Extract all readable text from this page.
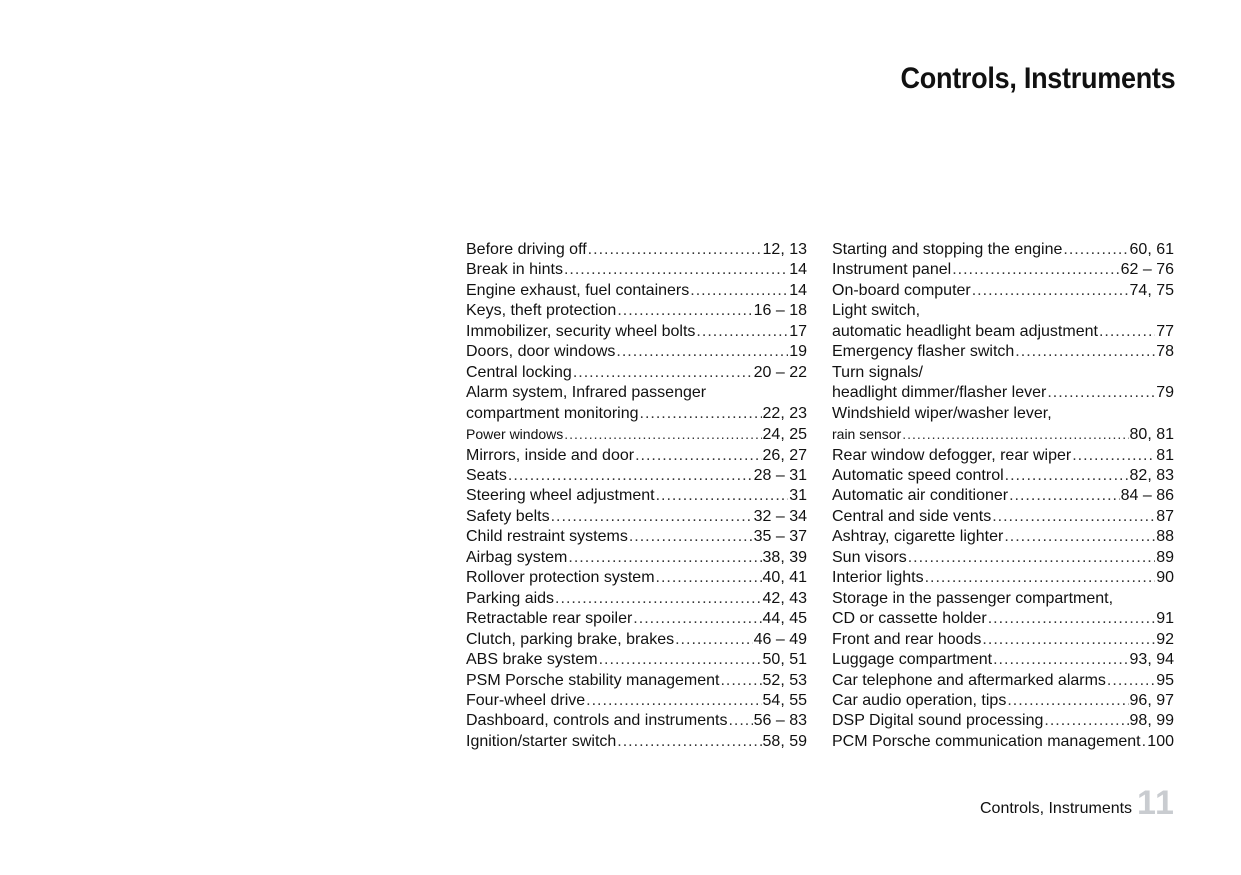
Controls, Instruments
Before driving off .....	12, 13
Break in hints .....	14
Engine exhaust, fuel containers .....	14
Keys, theft protection .....	16 – 18
Immobilizer, security wheel bolts .....	17
Doors, door windows .....	19
Central locking .....	20 – 22
Alarm system, Infrared passenger
compartment monitoring .....	22, 23
Power windows .....	24, 25
Mirrors, inside and door .....	26, 27
Seats .....	28 – 31
Steering wheel adjustment .....	31
Safety belts .....	32 – 34
Child restraint systems .....	35 – 37
Airbag system .....	38, 39
Rollover protection system .....	40, 41
Parking aids .....	42, 43
Retractable rear spoiler .....	44, 45
Clutch, parking brake, brakes .....	46 – 49
ABS brake system .....	50, 51
PSM Porsche stability management .....	52, 53
Four-wheel drive .....	54, 55
Dashboard, controls and instruments ..... 56 – 83
Ignition/starter switch .....	58, 59
Starting and stopping the engine .....	60, 61
Instrument panel .....	62 – 76
On-board computer .....	74, 75
Light switch,
automatic headlight beam adjustment .....	77
Emergency flasher switch .....	78
Turn signals/
headlight dimmer/flasher lever .....	79
Windshield wiper/washer lever,
rain sensor .....	80, 81
Rear window defogger, rear wiper .....	81
Automatic speed control .....	82, 83
Automatic air conditioner .....	84 – 86
Central and side vents .....	87
Ashtray, cigarette lighter .....	88
Sun visors .....	89
Interior lights .....	90
Storage in the passenger compartment,
CD or cassette holder .....	91
Front and rear hoods .....	92
Luggage compartment .....	93, 94
Car telephone and aftermarked alarms .....	95
Car audio operation, tips .....	96, 97
DSP Digital sound processing .....	98, 99
PCM Porsche communication management ..... 100
Controls, Instruments 11
